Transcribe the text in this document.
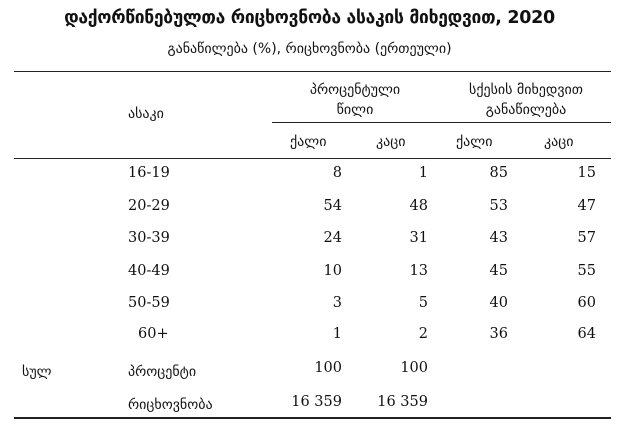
დაქორწინებულთა რიცხოვნობა ასაკის მიხედვით, 2020
განაწილება (%), რიცხოვნობა (ერთეული)
ასაკი
პროცენტული
წილი
სქესის მიხედვით
განაწილება
ქალი	კაცი	ქალი	კაცი
16-19	8	1	85	15
20-29	54	48	53	47
30-39	24	31	43	57
40-49	10	13	45	55
50-59	3	5	40	60
60+	1	2	36	64
სულ	პროცენტი	100	100
რიცხოვნობა	16 359	16 359
